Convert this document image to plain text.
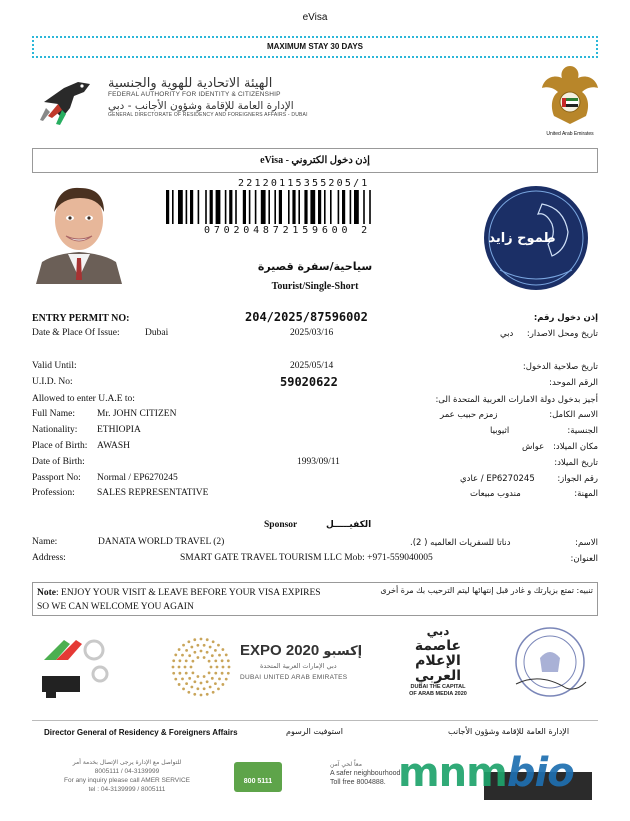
eVisa
MAXIMUM STAY 30 DAYS
الهيئة الاتحادية للهوية والجنسية
FEDERAL AUTHORITY FOR IDENTITY & CITIZENSHIP
الإدارة العامة للإقامة وشؤون الأجانب - دبي
GENERAL DIRECTORATE OF RESIDENCY AND FOREIGNERS AFFAIRS - DUBAI
United Arab Emirates
eVisa - إذن دخول الكتروني
22120115355205/1
070204872159600 2
طموح زايد
سياحية/سفرة قصيرة
Tourist/Single-Short
ENTRY PERMIT NO:	204/2025/87596002	إذن دخول رقم:
Date & Place Of Issue:	Dubai	2025/03/16	دبي تاريخ ومحل الاصدار:
Valid Until:	2025/05/14	تاريخ صلاحية الدخول:
U.I.D. No:	59020622	الرقم الموحد:
Allowed to enter U.A.E to:	أجيز بدخول دولة الامارات العربية المتحدة الى:
Full Name: Mr. JOHN CITIZEN	زمزم حبيب عمر	الاسم الكامل:
Nationality: ETHIOPIA	اثيوبيا	الجنسية:
Place of Birth: AWASH	عواش مكان الميلاد:
Date of Birth:	1993/09/11	تاريخ الميلاد:
Passport No: Normal / EP6270245	EP6270245 / عادي	رقم الجواز:
Profession: SALES REPRESENTATIVE	مندوب مبيعات	المهنة:
Sponsor	الكفيـــــل
Name:	DANATA WORLD TRAVEL (2)	دناتا للسفريات العالميه ( 2).	الاسم:
Address:	SMART GATE TRAVEL TOURISM LLC Mob: +971-559040005	العنوان:
Note: ENJOY YOUR VISIT & LEAVE BEFORE YOUR VISA EXPIRES SO WE CAN WELCOME YOU AGAIN
تنبيه: تمتع بزيارتك و غادر قبل إنتهائها ليتم الترحيب بك مرة أخرى
EXPO 2020 إكسبو
دبي الإمارات العربية المتحدة
DUBAI UNITED ARAB EMIRATES
دبي
عاصمة
الإعلام
العربي
DUBAI THE CAPITAL
OF ARAB MEDIA 2020
Director General of Residency & Foreigners Affairs	استوفيت الرسوم	الإدارة العامة للإقامة وشؤون الأجانب
للتواصل مع الإدارة يرجى الإتصال بخدمة أمر
8005111 / 04-3139999
For any inquiry please call AMER SERVICE
tel : 04-3139999 / 8005111
800 5111
معاً لحي آمن
A safer neighbourhood
Toll free 8004888. mnmbio
